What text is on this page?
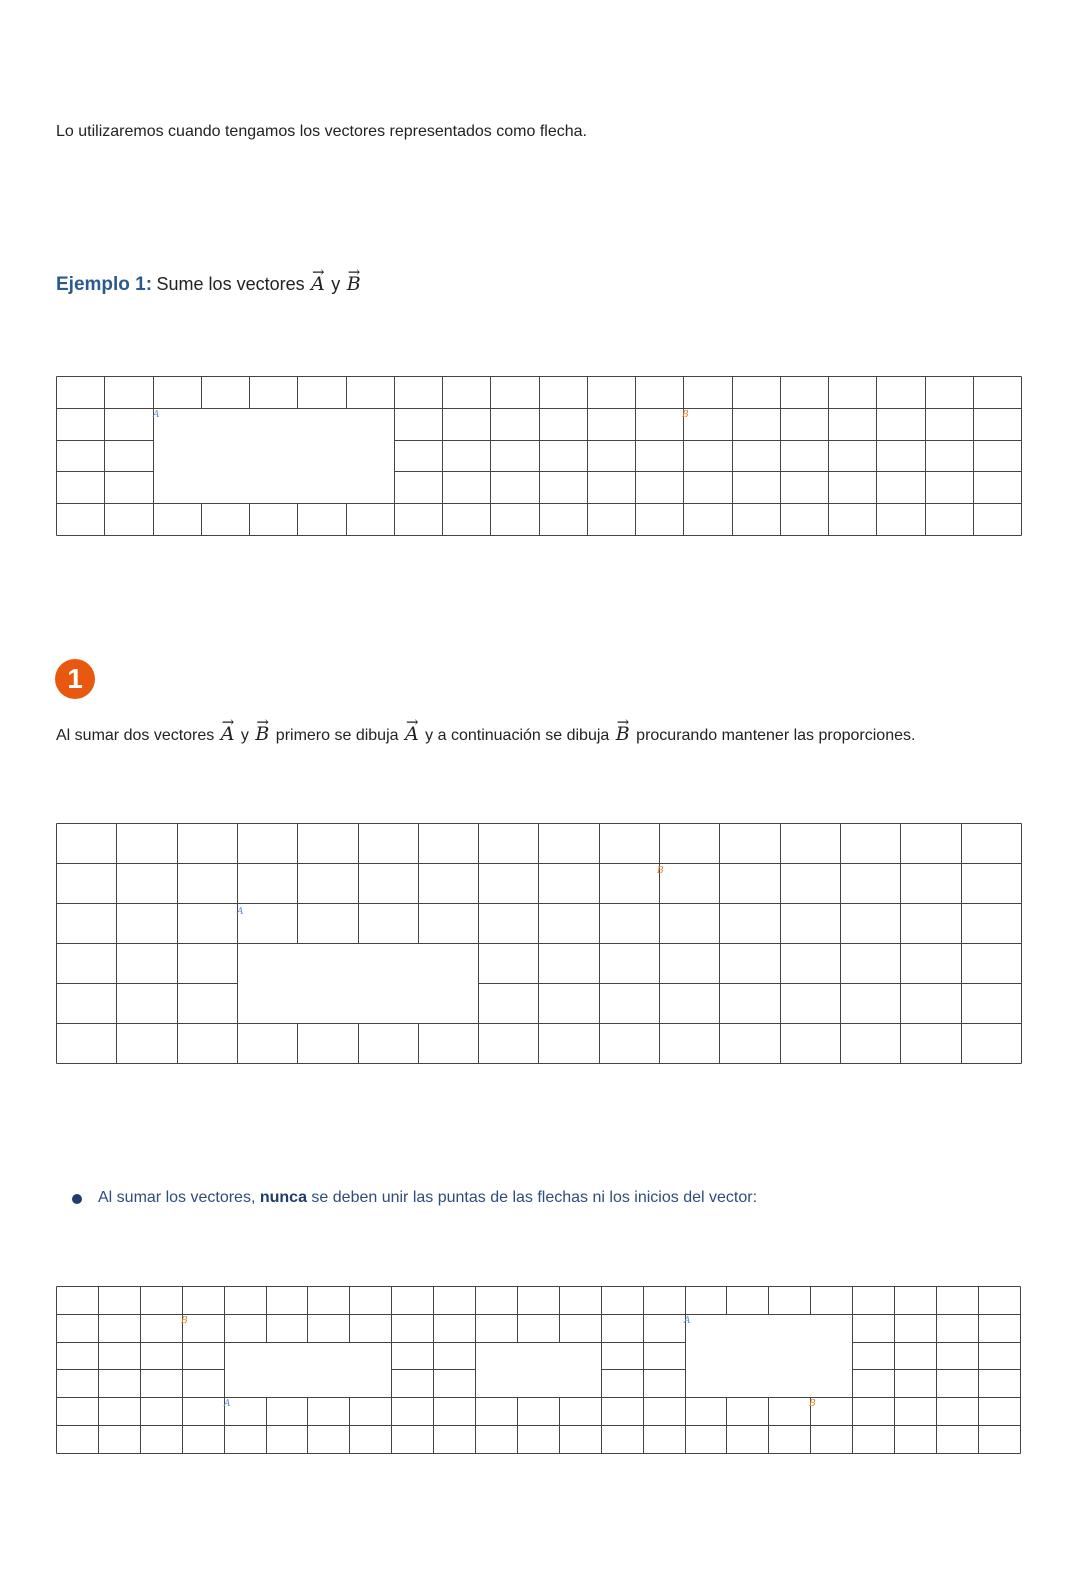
Lo utilizaremos cuando tengamos los vectores representados como flecha.
Ejemplo 1: Sume los vectores → A y → B
A	B
1
Al sumar dos vectores → A y → B primero se dibuja → A y a continuación se dibuja → B procurando mantener las proporciones.
B
A
Al sumar los vectores, nunca se deben unir las puntas de las flechas ni los inicios del vector:
B	A
A	B
